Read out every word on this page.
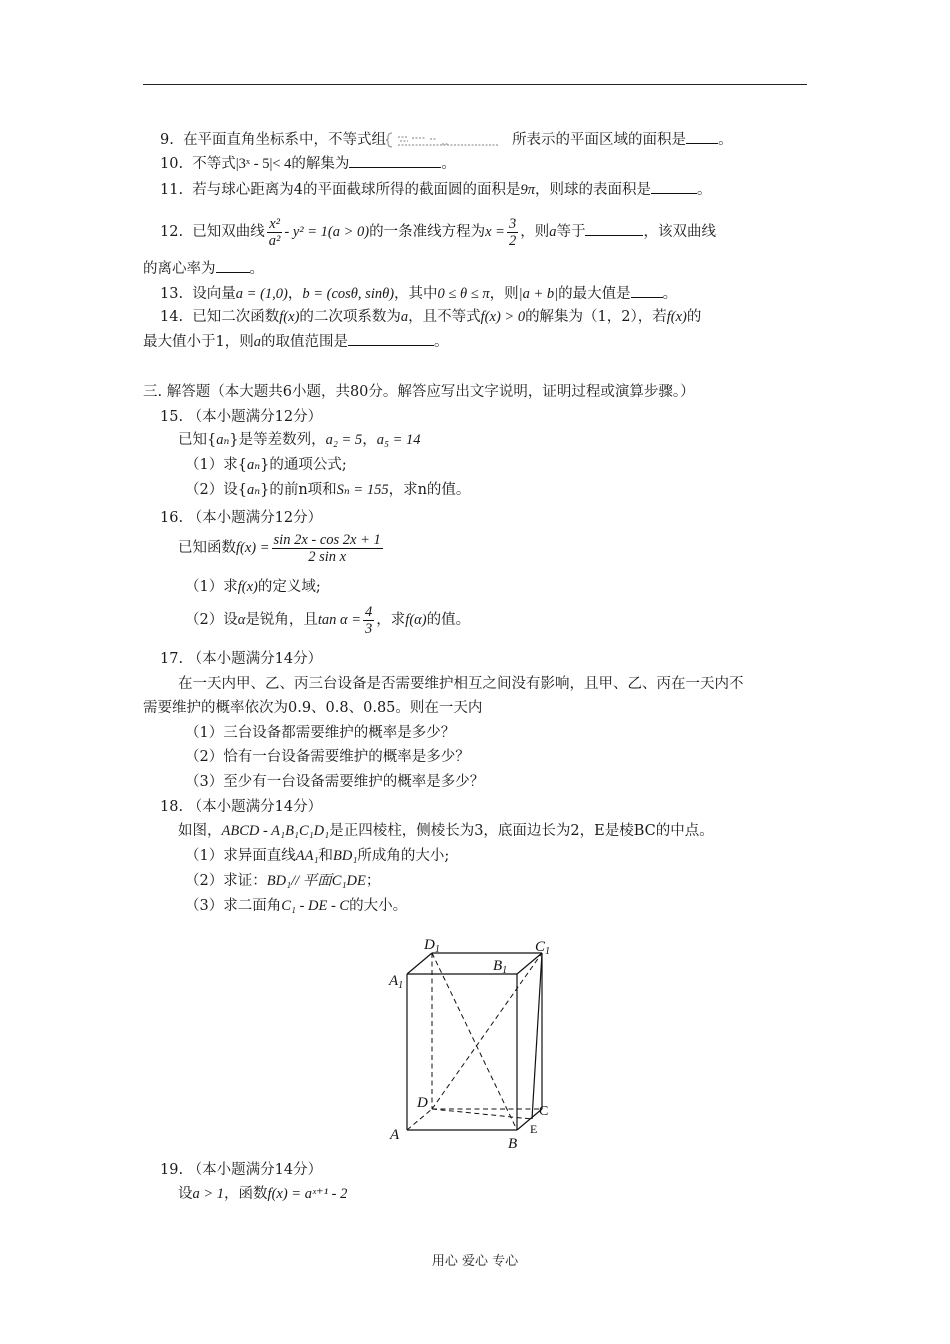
9. 在平面直角坐标系中，不等式组	所表示的平面区域的面积是 。
10. 不等式|3ˣ - 5|< 4的解集为	。
11. 若与球心距离为4的平面截球所得的截面圆的面积是9π，则球的表面积是	。
12. 已知双曲线 $\frac{\text{x²}}{\text{a²}} - y^2 = 1(a > 0)$的一条准线方程为$x = \frac{3}{2}$ ，则a等于	，该双曲线
的离心率为 。
13. 设向量a = (1,0)，b = (cosθ, sinθ)，其中0 ≤ θ ≤ π，则|a + b|的最大值是 。
14. 已知二次函数f(x)的二次项系数为a，且不等式f(x) > 0的解集为（1，2），若f(x)的
最大值小于1，则a的取值范围是	。
三. 解答题（本大题共6小题，共80分。解答应写出文字说明，证明过程或演算步骤。）
15. （本小题满分12分）
已知{aₙ}是等差数列，a₂ = 5，a₅ = 14
（1）求{aₙ}的通项公式;
（2）设{aₙ}的前n项和Sₙ = 155，求n的值。
16. （本小题满分12分）
已知函数$f(x) = \frac{\sin 2x - \cos 2x + 1}{\text{2 sin x}}$
（1）求f(x)的定义域;
（2）设α是锐角，且$\tan \alpha = \frac{4}{3}$ ，求f(α)的值。
17. （本小题满分14分）
在一天内甲、乙、丙三台设备是否需要维护相互之间没有影响，且甲、乙、丙在一天内不
需要维护的概率依次为0.9、0.8、0.85。则在一天内
（1）三台设备都需要维护的概率是多少？
（2）恰有一台设备需要维护的概率是多少？
（3）至少有一台设备需要维护的概率是多少？
18. （本小题满分14分）
如图，ABCD - A₁B₁C₁D₁是正四棱柱，侧棱长为3，底面边长为2，E是棱BC的中点。
（1）求异面直线AA₁和BD₁所成角的大小;
（2）求证：BD₁// 平面C₁DE；
（3）求二面角C₁ - DE - C的大小。
$D_1$	$C_1$
$B_1$
$A_1$
D
C
E
A
B
19. （本小题满分14分）
设a > 1，函数f(x) = aˣ⁺¹ - 2
用心 爱心 专心
